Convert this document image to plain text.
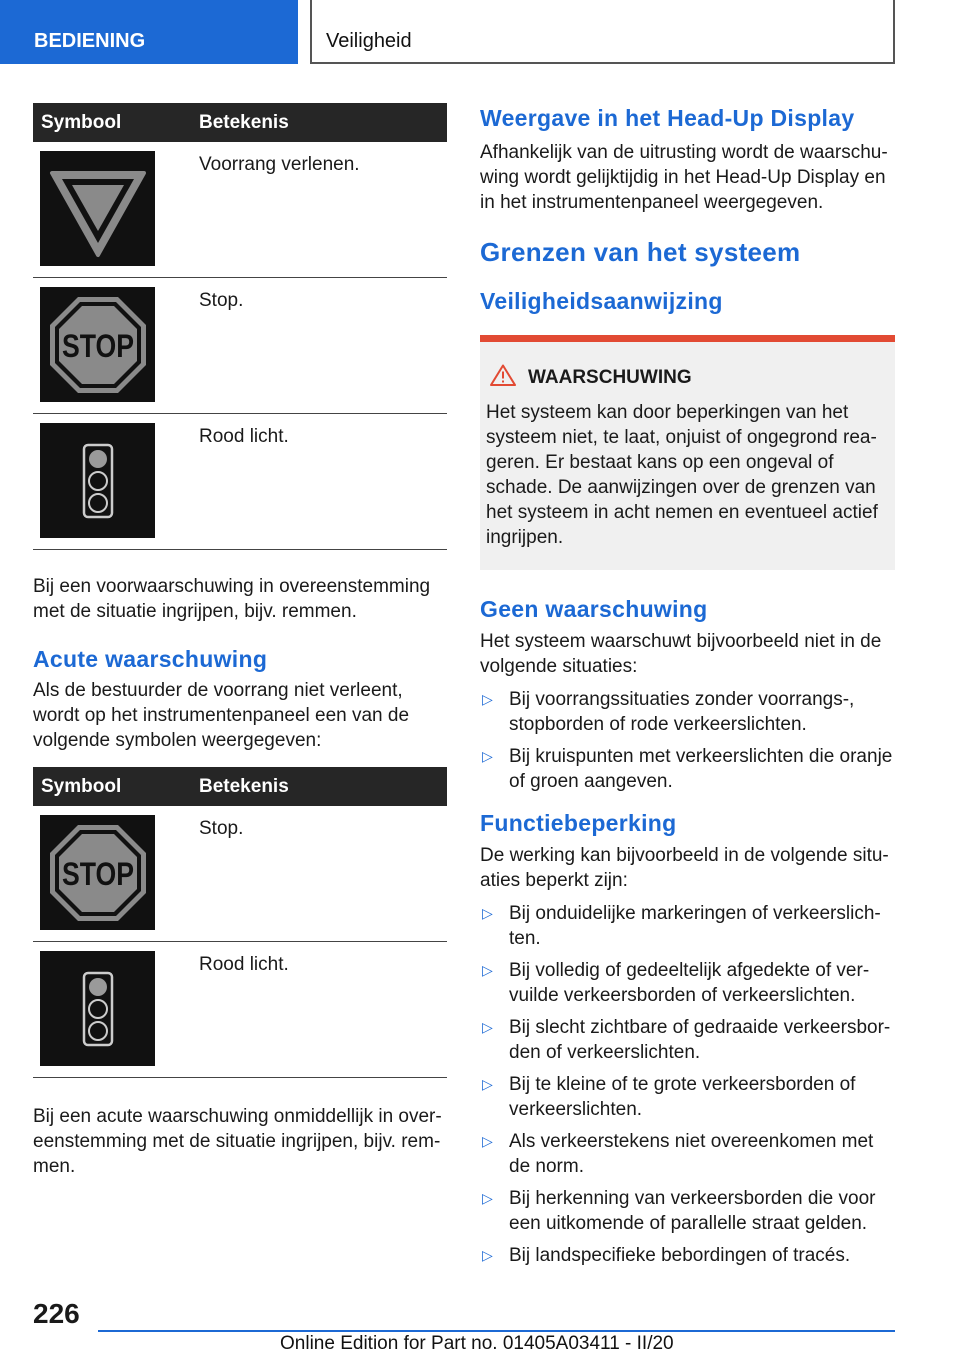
BEDIENING	Veiligheid
Symbool	Betekenis

	Voorrang verlenen.

STOP	Stop.

	Rood licht.

Bij een voorwaarschuwing in overeenstemming met de situatie ingrijpen, bijv. remmen.

Acute waarschuwing

Als de bestuurder de voorrang niet verleent, wordt op het instrumentenpaneel een van de volgende symbolen weergegeven:

Symbool	Betekenis

STOP	Stop.

	Rood licht.

Bij een acute waarschuwing onmiddellijk in over-eenstemming met de situatie ingrijpen, bijv. rem-men.

Weergave in het Head-Up Display

Afhankelijk van de uitrusting wordt de waarschu-wing wordt gelijktijdig in het Head-Up Display en in het instrumentenpaneel weergegeven.

Grenzen van het systeem
Veiligheidsaanwijzing
WAARSCHUWING

Het systeem kan door beperkingen van het systeem niet, te laat, onjuist of ongegrond rea-geren. Er bestaat kans op een ongeval of schade. De aanwijzingen over de grenzen van het systeem in acht nemen en eventueel actief ingrijpen.

Geen waarschuwing

Het systeem waarschuwt bijvoorbeeld niet in de volgende situaties:

▷ Bij voorrangssituaties zonder voorrangs-, stopborden of rode verkeerslichten.
▷ Bij kruispunten met verkeerslichten die oranje of groen aangeven.
Functiebeperking

De werking kan bijvoorbeeld in de volgende situ-aties beperkt zijn:

▷ Bij onduidelijke markeringen of verkeerslich-ten.
▷ Bij volledig of gedeeltelijk afgedekte of ver-vuilde verkeersborden of verkeerslichten.
▷ Bij slecht zichtbare of gedraaide verkeersbor-den of verkeerslichten.
▷ Bij te kleine of te grote verkeersborden of verkeerslichten.
▷ Als verkeerstekens niet overeenkomen met de norm.
▷ Bij herkenning van verkeersborden die voor een uitkomende of parallelle straat gelden.
▷ Bij landspecifieke bebordingen of tracés.
226
Online Edition for Part no. 01405A03411 - II/20
